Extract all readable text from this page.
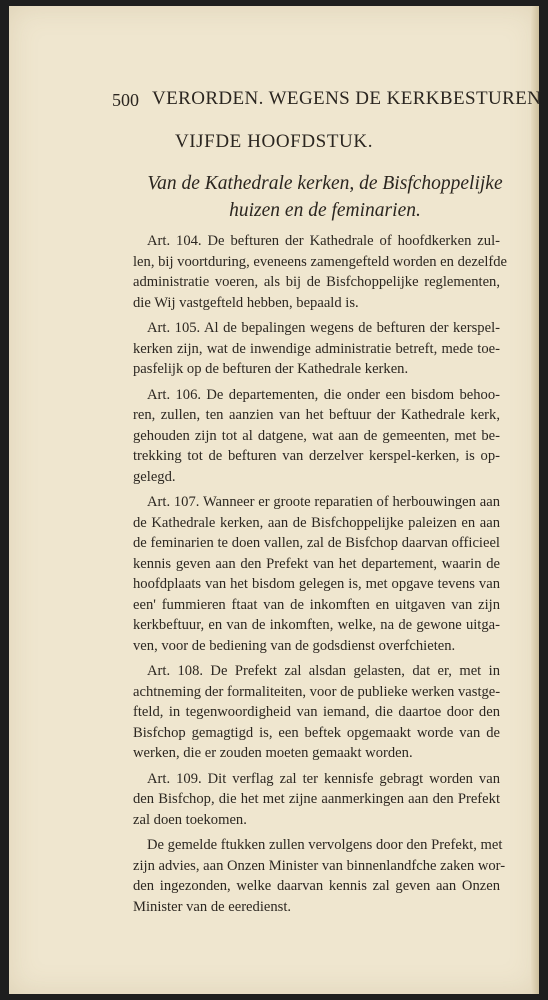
500 VERORDEN. WEGENS DE KERKBESTUREN
VIJFDE HOOFDSTUK.
Van de Kathedrale kerken, de Bisfchoppelijke
huizen en de feminarien.

Art. 104. De befturen der Kathedrale of hoofdkerken zul-
len, bij voortduring, eveneens zamengefteld worden en dezelfde
administratie voeren, als bij de Bisfchoppelijke reglementen,
die Wij vastgefteld hebben, bepaald is.

Art. 105. Al de bepalingen wegens de befturen der kerspel-
kerken zijn, wat de inwendige administratie betreft, mede toe-
pasfelijk op de befturen der Kathedrale kerken.

Art. 106. De departementen, die onder een bisdom behoo-
ren, zullen, ten aanzien van het beftuur der Kathedrale kerk,
gehouden zijn tot al datgene, wat aan de gemeenten, met be-
trekking tot de befturen van derzelver kerspel-kerken, is op-
gelegd.

Art. 107. Wanneer er groote reparatien of herbouwingen aan
de Kathedrale kerken, aan de Bisfchoppelijke paleizen en aan
de feminarien te doen vallen, zal de Bisfchop daarvan officieel
kennis geven aan den Prefekt van het departement, waarin de
hoofdplaats van het bisdom gelegen is, met opgave tevens van
een' fummieren ftaat van de inkomften en uitgaven van zijn
kerkbeftuur, en van de inkomften, welke, na de gewone uitga-
ven, voor de bediening van de godsdienst overfchieten.

Art. 108. De Prefekt zal alsdan gelasten, dat er, met in
achtneming der formaliteiten, voor de publieke werken vastge-
fteld, in tegenwoordigheid van iemand, die daartoe door den
Bisfchop gemagtigd is, een beftek opgemaakt worde van de
werken, die er zouden moeten gemaakt worden.

Art. 109. Dit verflag zal ter kennisfe gebragt worden van
den Bisfchop, die het met zijne aanmerkingen aan den Prefekt
zal doen toekomen.

De gemelde ftukken zullen vervolgens door den Prefekt, met
zijn advies, aan Onzen Minister van binnenlandfche zaken wor-
den ingezonden, welke daarvan kennis zal geven aan Onzen
Minister van de eeredienst.
